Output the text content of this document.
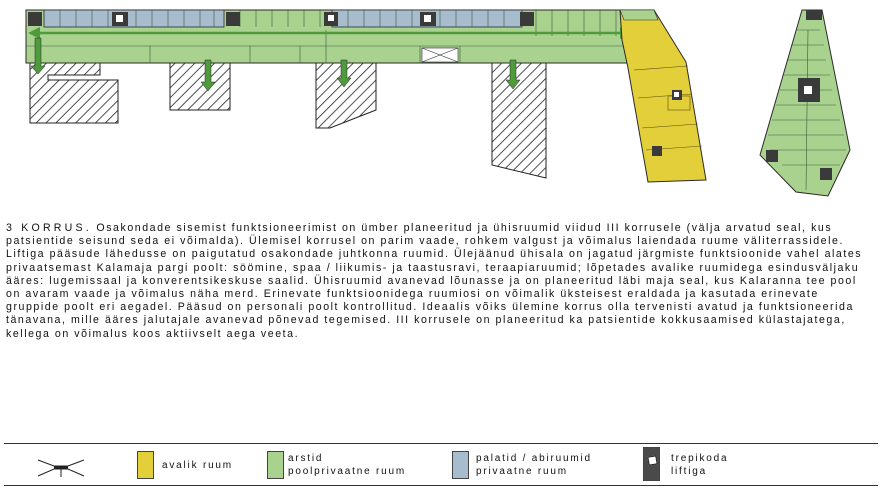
3 KORRUS. Osakondade sisemist funktsioneerimist on ümber planeeritud ja ühisruumid viidud III korrusele (välja arvatud seal, kus patsientide seisund seda ei võimalda). Ülemisel korrusel on parim vaade, rohkem valgust ja võimalus laiendada ruume väliterrassidele. Liftiga pääsude lähedusse on paigutatud osakondade juhtkonna ruumid. Ülejäänud ühisala on jagatud järgmiste funktsioonide vahel alates privaatsemast Kalamaja pargi poolt: söömine, spaa / liikumis- ja taastusravi, teraapiaruumid; lõpetades avalike ruumidega esindusväljaku ääres: lugemissaal ja konverentsikeskuse saalid. Ühisruumid avanevad lõunasse ja on planeeritud läbi maja seal, kus Kalaranna tee pool on avaram vaade ja võimalus näha merd. Erinevate funktsioonidega ruumiosi on võimalik üksteisest eraldada ja kasutada erinevate gruppide poolt eri aegadel. Pääsud on personali poolt kontrollitud. Ideaalis võiks ülemine korrus olla tervenisti avatud ja funktsioneerida tänavana, mille ääres jalutajale avanevad põnevad tegemised. III korrusele on planeeritud ka patsientide kokkusaamised külastajatega, kellega on võimalus koos aktiivselt aega veeta.
avalik ruum
arstid
poolprivaatne ruum
palatid / abiruumid
privaatne ruum
trepikoda
liftiga
